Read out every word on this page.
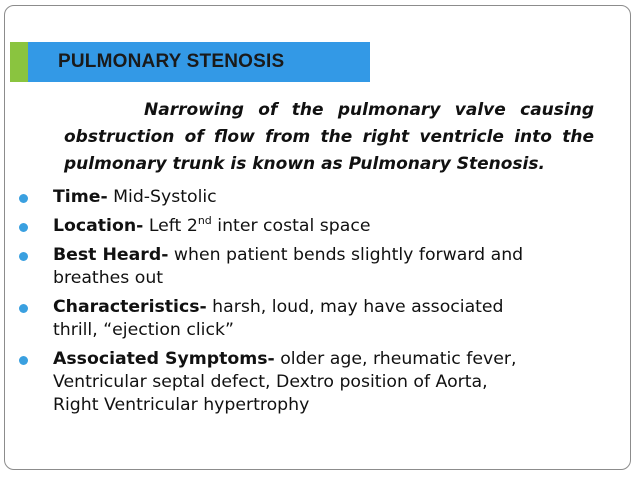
PULMONARY STENOSIS
Narrowing of the pulmonary valve causing
obstruction of flow from the right ventricle into the
pulmonary trunk is known as Pulmonary Stenosis.
Time- Mid-Systolic
Location- Left 2nd inter costal space
Best Heard- when patient bends slightly forward and
breathes out
Characteristics- harsh, loud, may have associated
thrill, “ejection click”
Associated Symptoms- older age, rheumatic fever,
Ventricular septal defect, Dextro position of Aorta,
Right Ventricular hypertrophy
